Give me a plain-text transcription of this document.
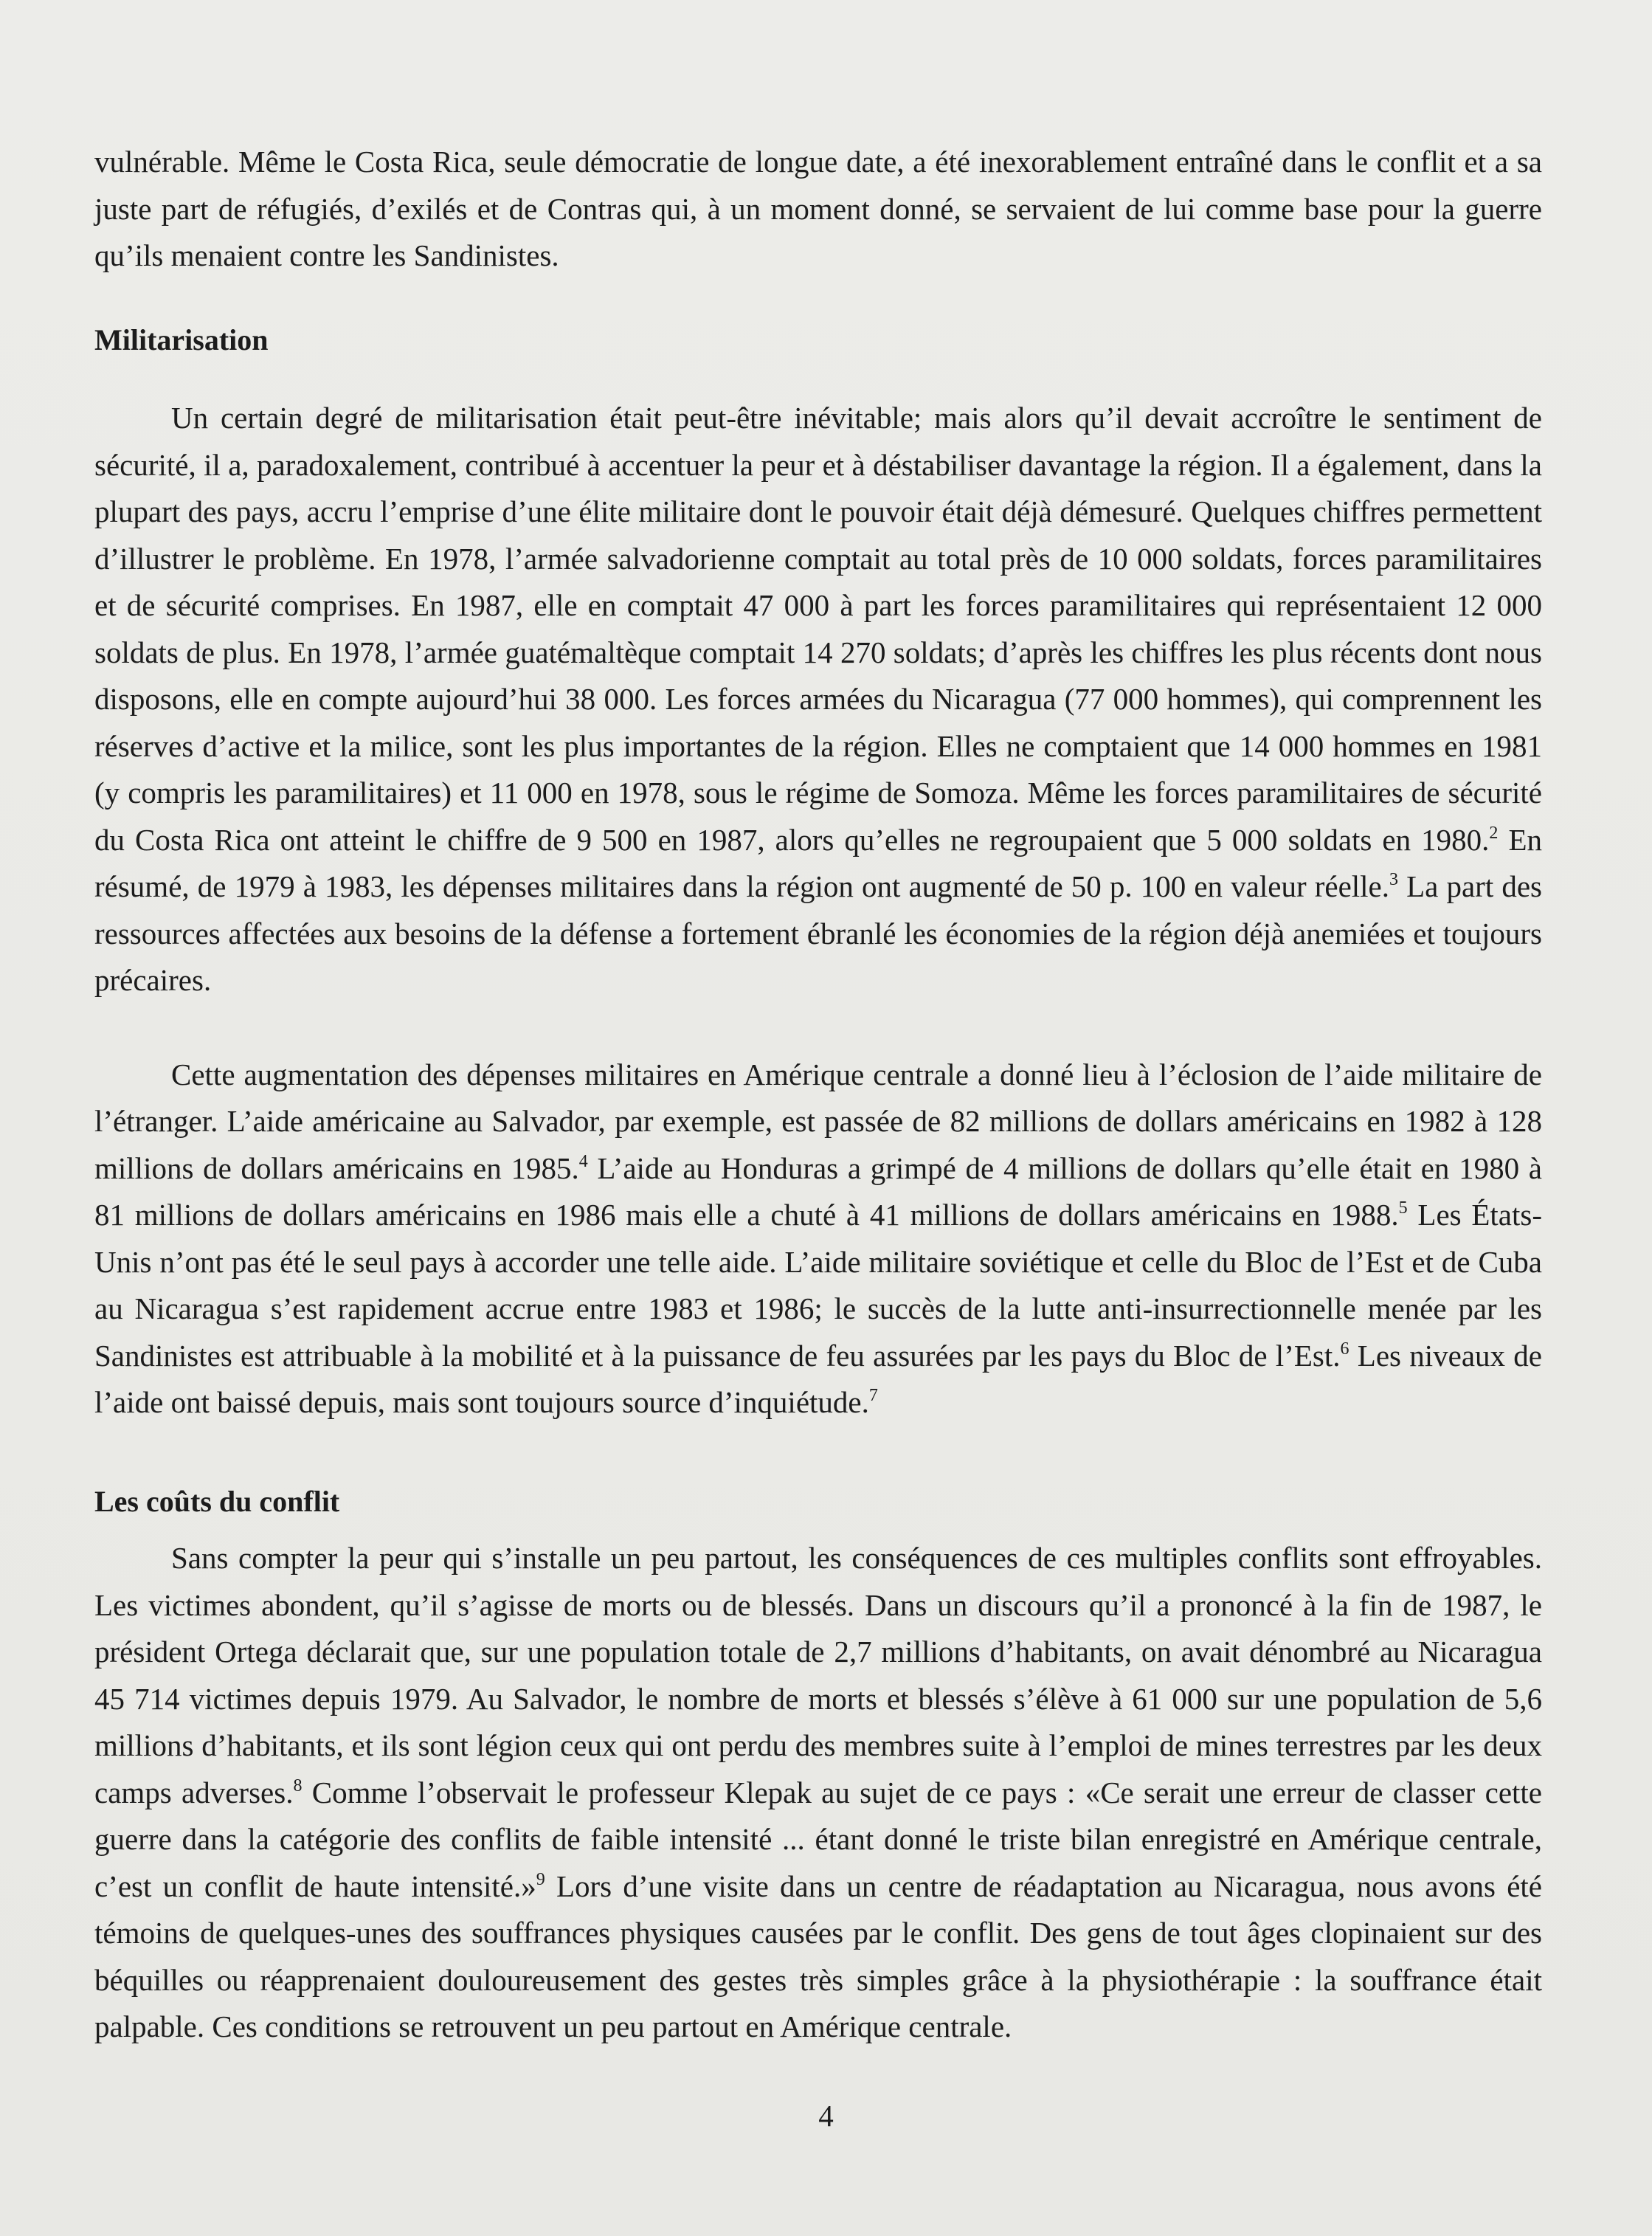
vulnérable. Même le Costa Rica, seule démocratie de longue date, a été inexorablement entraîné dans le conflit et a sa juste part de réfugiés, d’exilés et de Contras qui, à un moment donné, se servaient de lui comme base pour la guerre qu’ils menaient contre les Sandinistes.

Militarisation

Un certain degré de militarisation était peut-être inévitable; mais alors qu’il devait accroître le sentiment de sécurité, il a, paradoxalement, contribué à accentuer la peur et à déstabiliser davantage la région. Il a également, dans la plupart des pays, accru l’emprise d’une élite militaire dont le pouvoir était déjà démesuré. Quelques chiffres permettent d’illustrer le problème. En 1978, l’armée salvadorienne comptait au total près de 10 000 soldats, forces paramilitaires et de sécurité comprises. En 1987, elle en comptait 47 000 à part les forces paramilitaires qui représentaient 12 000 soldats de plus. En 1978, l’armée guatémaltèque comptait 14 270 soldats; d’après les chiffres les plus récents dont nous disposons, elle en compte aujourd’hui 38 000. Les forces armées du Nicaragua (77 000 hommes), qui comprennent les réserves d’active et la milice, sont les plus importantes de la région. Elles ne comptaient que 14 000 hommes en 1981 (y compris les paramilitaires) et 11 000 en 1978, sous le régime de Somoza. Même les forces paramilitaires de sécurité du Costa Rica ont atteint le chiffre de 9 500 en 1987, alors qu’elles ne regroupaient que 5 000 soldats en 1980.$^2$ En résumé, de 1979 à 1983, les dépenses militaires dans la région ont augmenté de 50 p. 100 en valeur réelle.$^3$ La part des ressources affectées aux besoins de la défense a fortement ébranlé les économies de la région déjà anemiées et toujours précaires.

Cette augmentation des dépenses militaires en Amérique centrale a donné lieu à l’éclosion de l’aide militaire de l’étranger. L’aide américaine au Salvador, par exemple, est passée de 82 millions de dollars américains en 1982 à 128 millions de dollars américains en 1985.$^4$ L’aide au Honduras a grimpé de 4 millions de dollars qu’elle était en 1980 à 81 millions de dollars américains en 1986 mais elle a chuté à 41 millions de dollars américains en 1988.$^5$ Les États-Unis n’ont pas été le seul pays à accorder une telle aide. L’aide militaire soviétique et celle du Bloc de l’Est et de Cuba au Nicaragua s’est rapidement accrue entre 1983 et 1986; le succès de la lutte anti-insurrectionnelle menée par les Sandinistes est attribuable à la mobilité et à la puissance de feu assurées par les pays du Bloc de l’Est.$^6$ Les niveaux de l’aide ont baissé depuis, mais sont toujours source d’inquiétude.$^7$

Les coûts du conflit

Sans compter la peur qui s’installe un peu partout, les conséquences de ces multiples conflits sont effroyables. Les victimes abondent, qu’il s’agisse de morts ou de blessés. Dans un discours qu’il a prononcé à la fin de 1987, le président Ortega déclarait que, sur une population totale de 2,7 millions d’habitants, on avait dénombré au Nicaragua 45 714 victimes depuis 1979. Au Salvador, le nombre de morts et blessés s’élève à 61 000 sur une population de 5,6 millions d’habitants, et ils sont légion ceux qui ont perdu des membres suite à l’emploi de mines terrestres par les deux camps adverses.$^8$ Comme l’observait le professeur Klepak au sujet de ce pays : «Ce serait une erreur de classer cette guerre dans la catégorie des conflits de faible intensité ... étant donné le triste bilan enregistré en Amérique centrale, c’est un conflit de haute intensité.»$^9$ Lors d’une visite dans un centre de réadaptation au Nicaragua, nous avons été témoins de quelques-unes des souffrances physiques causées par le conflit. Des gens de tout âges clopinaient sur des béquilles ou réapprenaient douloureusement des gestes très simples grâce à la physiothérapie : la souffrance était palpable. Ces conditions se retrouvent un peu partout en Amérique centrale.

4
